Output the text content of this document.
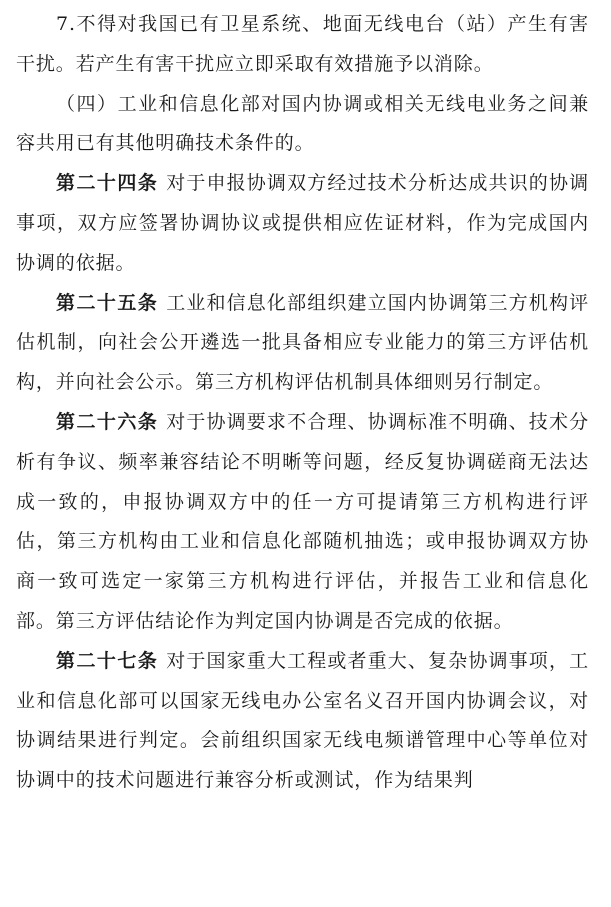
7.不得对我国已有卫星系统、地面无线电台（站）产生有害干扰。若产生有害干扰应立即采取有效措施予以消除。

（四）工业和信息化部对国内协调或相关无线电业务之间兼容共用已有其他明确技术条件的。

第二十四条 对于申报协调双方经过技术分析达成共识的协调事项，双方应签署协调协议或提供相应佐证材料，作为完成国内协调的依据。

第二十五条 工业和信息化部组织建立国内协调第三方机构评估机制，向社会公开遴选一批具备相应专业能力的第三方评估机构，并向社会公示。第三方机构评估机制具体细则另行制定。

第二十六条 对于协调要求不合理、协调标准不明确、技术分析有争议、频率兼容结论不明晰等问题，经反复协调磋商无法达成一致的，申报协调双方中的任一方可提请第三方机构进行评估，第三方机构由工业和信息化部随机抽选；或申报协调双方协商一致可选定一家第三方机构进行评估，并报告工业和信息化部。第三方评估结论作为判定国内协调是否完成的依据。

第二十七条 对于国家重大工程或者重大、复杂协调事项，工业和信息化部可以国家无线电办公室名义召开国内协调会议，对协调结果进行判定。会前组织国家无线电频谱管理中心等单位对协调中的技术问题进行兼容分析或测试，作为结果判
